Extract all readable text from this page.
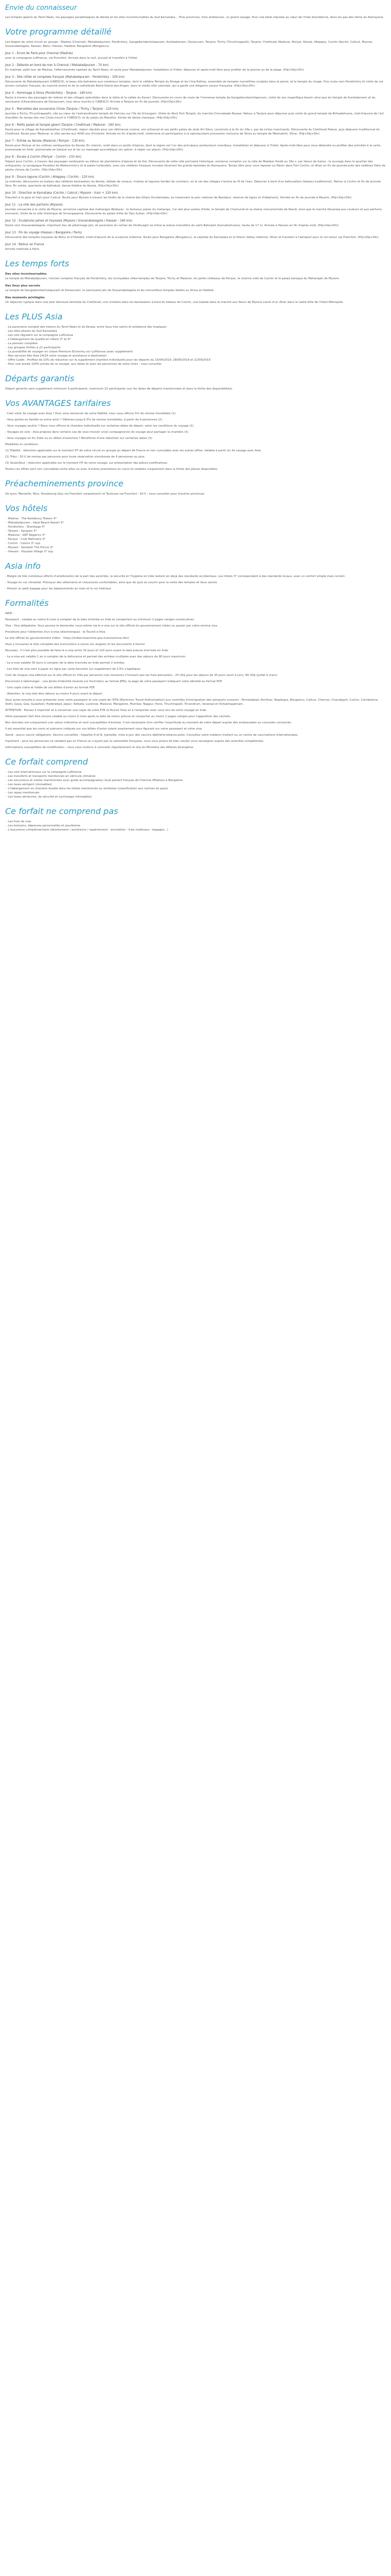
Envie du connaisseur

Les temples géants du Tamil Nadu, les paysages paradisiaques du Kerala et les sites incontournables du Sud Karnataka... Trois provinces, trois ambiances, un grand voyage. Pour une belle odyssée au cœur de l'Inde dravidienne, dans les pas des héros du Ramayana.

Votre programme détaillé

Les étapes de votre circuit en groupe : Madras (Chennai), Mahabalipuram, Pondichéry, Gangaikondacholapuram, Kumbakonam, Darasuram, Tanjore, Trichy (Tiruchirappalli), Tanjore, Chettinad, Madurai, Periyar, Kerala, Alleppey, Cochin (Kochi), Calicut, Mysore, Sravanabelagola, Hassan, Belur, Hassan, Halebid, Bangalore (Bengaluru)

Jour 1 : Envol de Paris pour Chennai (Madras)

avec la compagnie Lufthansa, via Francfort. Arrivée dans la nuit, accueil et transfert à l'hôtel.

Jour 2 : Détente en bord de mer à Chennai / Mahabalipuram - 70 km)

En matinée, petit tour de Madras, l'effervescente capitale du Tamil Nadu, et route pour Mahabalipuram. Installation à l'hôtel, déjeuner et après-midi libre pour profiter de la piscine ou de la plage. (Pdj+Déj+Dîn)

Jour 3 : Site côtier et complexe français (Mahabalipuram - Pondichéry - 100 km)

Découverte de Mahabalipuram (UNESCO), le beau site balnéaire aux nombreux temples, dont le célèbre Temple du Rivage et les Cinq Rathas, ensemble de temples monolithes sculptés dans la pierre, et le temple du rivage. Puis route vers Pondichéry et visite de cet ancien comptoir français, du marché animé et de la cathédrale Notre-Dame-des-Anges, dans le vieille ville coloniale, qui a gardé une élégante saveur française. (Pdj+Déj+Dîn)

Jour 4 : Hommage à Shiva (Pondichéry - Tanjore - 190 km)

Route à travers des paysages de rizières et des villages splendides dans le delta et la vallée du Kaveri. Découverte en cours de route de l'immense temple de Gangaikondacholapuram, visite de son magnifique bassin ainsi que du temple de Kumbakonam et du sanctuaire d'Airavatesvara de Darasuram, tous deux inscrits à l'UNESCO. Arrivée à Tanjore en fin de journée. (Pdj+Déj+Dîn)

Jour 5 : Merveilles des souverains Chola (Tanjore / Trichy / Tanjore - 120 km)

Journée à Trichy (Tiruchirappalli), cité au cœur de l'extraordinaire temple de Vishnou sur l'île de Srirangam. Visite du Rock Fort Temple, du marché Chinnakadai Bazaar. Retour à Tanjore pour déjeuner puis visite du grand temple de Brihadishvara, chef-d'œuvre de l'art dravidien du temps des rois Chola inscrit à l'UNESCO, et du palais du Maratha. Soirée de danse classique. (Pdj+Déj+Dîn)

Jour 6 : Petits palais et temple géant (Tanjore / Chettinad / Madurai - 190 km)

Route pour le village de Kanadukathan (Chettinad), région réputée pour son délicieuse cuisine, son artisanat et ses petits palais de style Art Déco, construits à la fin du 19e s. par de riches marchands. Découverte du Chettinad Palace, puis déjeuner traditionnel du Chettinad. Route pour Madurai, la ville sacrée aux 4000 ans d'histoire. Arrivée en fin d'après-midi, cérémonie et participation à la spectaculaire procession nocturne de Shiva au temple de Meenakshi. Dîner. (Pdj+Déj+Dîn)

Jour 7 : Entrée au Kerala (Madurai / Periyar - 130 km)

Route pour Periyar et les collines verdoyantes du Kerala. En chemin, arrêt dans un jardin d'épices, dont la région est l'un des principaux producteurs mondiaux. Installation et déjeuner à l'hôtel. Après-midi libre pour vous détendre ou profiter des activités à la carte : promenade en forêt, promenade en barque sur le lac ou massage ayurvédique (en option, à régler sur place). (Pdj+Déj+Dîn)

Jour 8 : Escale à Cochin (Periyar - Cochin - 210 km)

Départ pour Cochin, à travers des paysages verdoyants au détour de plantations d'épices et de thé. Découverte de cette ville portuaire historique, ancienne comptoir sur la côte de Malabar fondé au 16e s. par Vasco de Gama : le ouvrage dans le quartier des antiquaires, la synagogue Paradesi de Mattancherry et le palais hollandais, avec ses célèbres fresques murales illustrant les grands épisodes du Ramayana. Temps libre pour vous reposer ou flâner dans Fort Cochin, et dîner en fin de journée près des célèbres filets de pêche chinois de Cochin. (Pdj+Déj+Dîn)

Jour 9 : Douce lagune (Cochin / Alleppey / Cochin - 120 km)

La matinée, découverte en bateau des célèbres backwaters du Kerala, dédale de canaux, rivières et lagunes bordés de cocotiers, où la vie des villages s'anime au fil de l'eau. Déjeuner à bord d'un kettuvallam (bateau traditionnel). Retour à Cochin et fin de journée libre. En soirée, spectacle de Kathakali, danse-théâtre du Kerala. (Pdj+Déj+Dîn)

Jour 10 : Direction le Karnataka (Cochin / Calicut / Mysore - train + 220 km)

Transfert à la gare et train pour Calicut. Route pour Mysore à travers les forêts de la chaîne des Ghats Occidentales, en traversant le parc national de Bandipur, réserve de tigres et d'éléphants. Arrivée en fin de journée à Mysore. (Pdj+Déj+Dîn)

Jour 11 : La ville des parfums (Mysore)

Journée consacrée à la visite de Mysore, ancienne capitale des maharajas Wodeyar : le fastueux palais du maharaja, l'un des plus vastes d'Inde, le temple de Chamundi et sa statue monumentale de Nandi, ainsi que le marché Devaraja aux couleurs et aux parfums enivrants. Visite de la ville historique de Srirangapatna. Découverte du palais d'été de Tipu Sultan. (Pdj+Déj+Dîn)

Jour 12 : Sculptures jaïnes et hoysalas (Mysore / Sravanabelagola / Hassan - 160 km)

Route vers Sravanabelagola, important lieu de pèlerinage jaïn, et ascension du rocher de Vindhyagiri où trône la statue monolithe du saint Bahubali (Gomateshvara), haute de 17 m. Arrivée à Hassan en fin d'après-midi. (Pdj+Déj+Dîn)

Jour 13 : Fin du voyage (Hassan / Bangalore / Paris)

Découverte des temples hoysalas de Belur et d'Halebid, chefs-d'œuvre de la sculpture indienne. Route pour Bangalore (Bengaluru), la capitale du Karnataka et la Silicon Valley indienne. Dîner et transfert à l'aéroport pour le vol retour via Francfort. (Pdj+Déj+Dîn)

Jour 14 : Retour en France

Arrivée matinale à Paris.

Les temps forts
Des sites incontournables

Le temple de Mahabalipuram, l'ancien comptoir français de Pondichéry, les incroyables villes-temples de Tanjore, Trichy et Madurai, les petits châteaux de Periyar, le charme créé de Cochin et le palais baroque du Maharajah de Mysore.

Des lieux plus secrets

Le temple de Gangaikondacholapuram et Darasuram, le sanctuaire jaïn de Sravanabelagola et les merveilleux temples dédiés au Shiva et Halebid.

Des moments privilégiés

Un déjeuner typique dans une jolie demeure familiale du Chettinad, une croisière dans les backwaters à bord du bateau de Cochin, une balade dans le marché aux fleurs de Mysore suivie d'un dîner dans le cadre élite de l'hôtel Metropole.

Les PLUS Asia
- Le panorama complet des trésors du Tamil Nadu et du Kerala, entre lieux très saints et ambiance des tropiques
- Les sites phares du Sud Karnataka
- Les vols réguliers sur la compagnie Lufthansa
- L'hébergement de qualité en hôtels 3* et 4*
- La pension complète
- Les groupes limités à 22 participants
- La possibilité de voyager en classe Premium Economy sur Lufthansa (avec supplément)
- Nos services Allo Asia 24/24 votre voyage et assistance à destination
- Offre Cadet : Profitez de 10% de réduction sur le supplément chambre individuelle pour les départs du 15/04/2019, 28/09/2019 et 22/09/2019
- Pour une année 100% privée de ce voyage, aux dates et avec les personnes de votre choix : nous consulter
Départs garantis

Départ garantis sans supplément minimum 4 participants, maximum 22 participants (sur les dates de départs mentionnées et dans la limite des disponibilités).

Vos AVANTAGES tarifaires

- Cest votre 3e voyage avec Asia ? Pour vous remercier de votre fidélité, nous vous offrons 5% de remise immédiate (1).

- Vous partez en famille ou entre amis ? Obtenez jusqu'à 5% de remise immédiate, à partir de 4 personnes (2).

- Vous voyagez seul(e) ? Nous vous offrons la chambre individuelle sur certaines dates de départ, selon les conditions du voyage (2).

- Voyagez en solo : Asia propose dans certains cas de vous trouver un(e) compagnon(e) de voyage pour partager la chambre (3).

- Vous voyagez en fin d'été ou en début d'automne ? Bénéficiez d'une réduction sur certaines dates (3).

Modalités et conditions

(1) Fidélité : réduction applicable sur le montant HT de votre circuit en groupe au départ de France et non cumulable avec les autres offres. Valable à partir du 3e voyage avec Asia.

(2) Tribu : 50 € de remise par personne pour toute réservation simultanée de 4 personnes ou plus.

(3) Seule/Seul : réduction applicable sur le montant HT de votre voyage, sur présentation des pièces justificatives.

Toutes ces offres sont non cumulables entre elles ou avec d'autres promotions en cours et valables uniquement dans la limite des places disponibles.

Préacheminements province

De Lyon, Marseille, Nice, Strasbourg (bus via Francfort uniquement) et Toulouse via Francfort : 50 € ; nous consulter pour d'autres provinces.

Vos hôtels
- Madras : The Residency Towers 4*
- Mahabalipuram : Ideal Beach Resort 3*
- Pondichéry : Shenbaga 3*
- Tanjore : Sangam 3*
- Madurai : GRT Regency 3*
- Periyar : Club Mahindra 3*
- Cochin : Casino 3* sup
- Mysore : Sandesh The Prince 3*
- Hassan : Hoysala Village 3* sup
Asia info

- Malgré de très nombreux efforts d'amélioration de la part des autorités, la sécurité et l'hygiène en Inde restent en deçà des standards occidentaux. Les hôtels 3* correspondent à des standards locaux, avec un confort simple mais correct.

- Voyage en car climatisé. Prévoyez des vêtements et chaussures confortables, ainsi que de quoi se couvrir pour la visite des temples et lieux sacrés.

- Prévoir un petit bagage pour les déplacements en train et le vol intérieur.

Formalités

INDE :

Passeport : valable au moins 6 mois à compter de la date d'entrée en Inde et comportant au minimum 2 pages vierges consécutives.

Visa : Visa obligatoire. Vous pouvez le demander vous-même via le e-visa sur le site officiel du gouvernement indien ou passer par notre service visa.

Procédure pour l'obtention d'un e-visa (électronique) : le Tourist e-Visa.

Le site officiel du gouvernement indien : https://indianvisaonline.gov.in/evisa/tvoa.html

Vous y trouverez la liste complète des instructions à suivre (en anglais) et les documents à fournir.

Nouveau : Il n'est plus possible de faire le e-visa entre 30 jours et 120 jours avant la date prévue d'arrivée en Inde.

- Le e-visa est valable 1 an à compter de la délivrance et permet des entrées multiples avec des séjours de 90 jours maximum.

- Le e-visa valable 30 jours à compter de la date d'arrivée en Inde permet 2 entrées.

- Les frais de visa sont à payer en ligne par carte bancaire (un supplément de 2,5% s'applique).

Coût de chaque visa effectué sur le site officiel en US$ par personne (ces montants n'incluent pas les frais bancaires) : 25 US$ pour les séjours de 30 jours (avril à juin), 80 US$ (juillet à mars).

Document à télécharger : une photo d'identité récente sur fond blanc au format JPEG, la page de votre passeport indiquant votre identité au format PDF.

- Une copie claire et lisible de vos billets d'avion au format PDF.

- Attention, le visa doit être obtenu au moins 4 jours avant le départ.

Vous aurez ensuite à vous présenter avec votre passeport et une copie de l'ETA (Electronic Travel Authorization) aux contrôles d'immigration des aéroports suivants : Ahmedabad, Amritsar, Bagdogra, Bengaluru, Calicut, Chennai, Chandigarh, Cochin, Coimbatore, Delhi, Gaya, Goa, Guwahati, Hyderabad, Jaipur, Kolkata, Lucknow, Madurai, Mangalore, Mumbai, Nagpur, Pune, Tiruchirapalli, Trivandrum, Varanasi et Vishakhapatnam.

ATTENTION : Pensez à imprimer et à conserver une copie de votre ETA (e-Tourist Visa) et à l'emporter avec vous lors de votre voyage en Inde.

Votre passeport doit être encore valable au moins 6 mois après la date de retour prévue et comporter au moins 2 pages vierges pour l'apposition des cachets.

Nos données ont uniquement une valeur indicative et sont susceptibles d'évoluer. Il est nécessaire d'en vérifier l'exactitude au moment de votre départ auprès des ambassades ou consulats concernés.

Il est essentiel que les noms et prénoms indiqués sur vos billets d'avion soient exactement ceux figurant sur votre passeport et votre visa.

Santé : aucun vaccin obligatoire. Vaccins conseillés : hépatite A et B, typhoïde, mise à jour des vaccins diphtérie-tétanos-polio. Consultez votre médecin traitant ou un centre de vaccinations internationales.

Important : pour les personnes ne résidant pas en France ou n'ayant pas la nationalité française, nous vous prions de bien vouloir vous renseigner auprès des autorités compétentes.

Informations susceptibles de modification : nous vous invitons à consulter régulièrement le site du Ministère des Affaires étrangères.

Ce forfait comprend
- Les vols internationaux sur la compagnie Lufthansa
- Les transferts et transports mentionnés en véhicule climatisé
- Les excursions et visites mentionnées avec guide accompagnateur local parlant français de Chennai (Madras) à Bangalore
- Les taxes aéroport (révisables)
- L'hébergement en chambre double dans les hôtels mentionnés ou similaires (classification aux normes du pays)
- Les repas mentionnés
- Les taxes aériennes, de sécurité et surcharges (révisables)
Ce forfait ne comprend pas
- Les frais de visa
- Les boissons, dépenses personnelles et pourboires
- L'assurance complémentaire (désistement / assistance / rapatriement - annulation - frais médicaux - bagages...)
